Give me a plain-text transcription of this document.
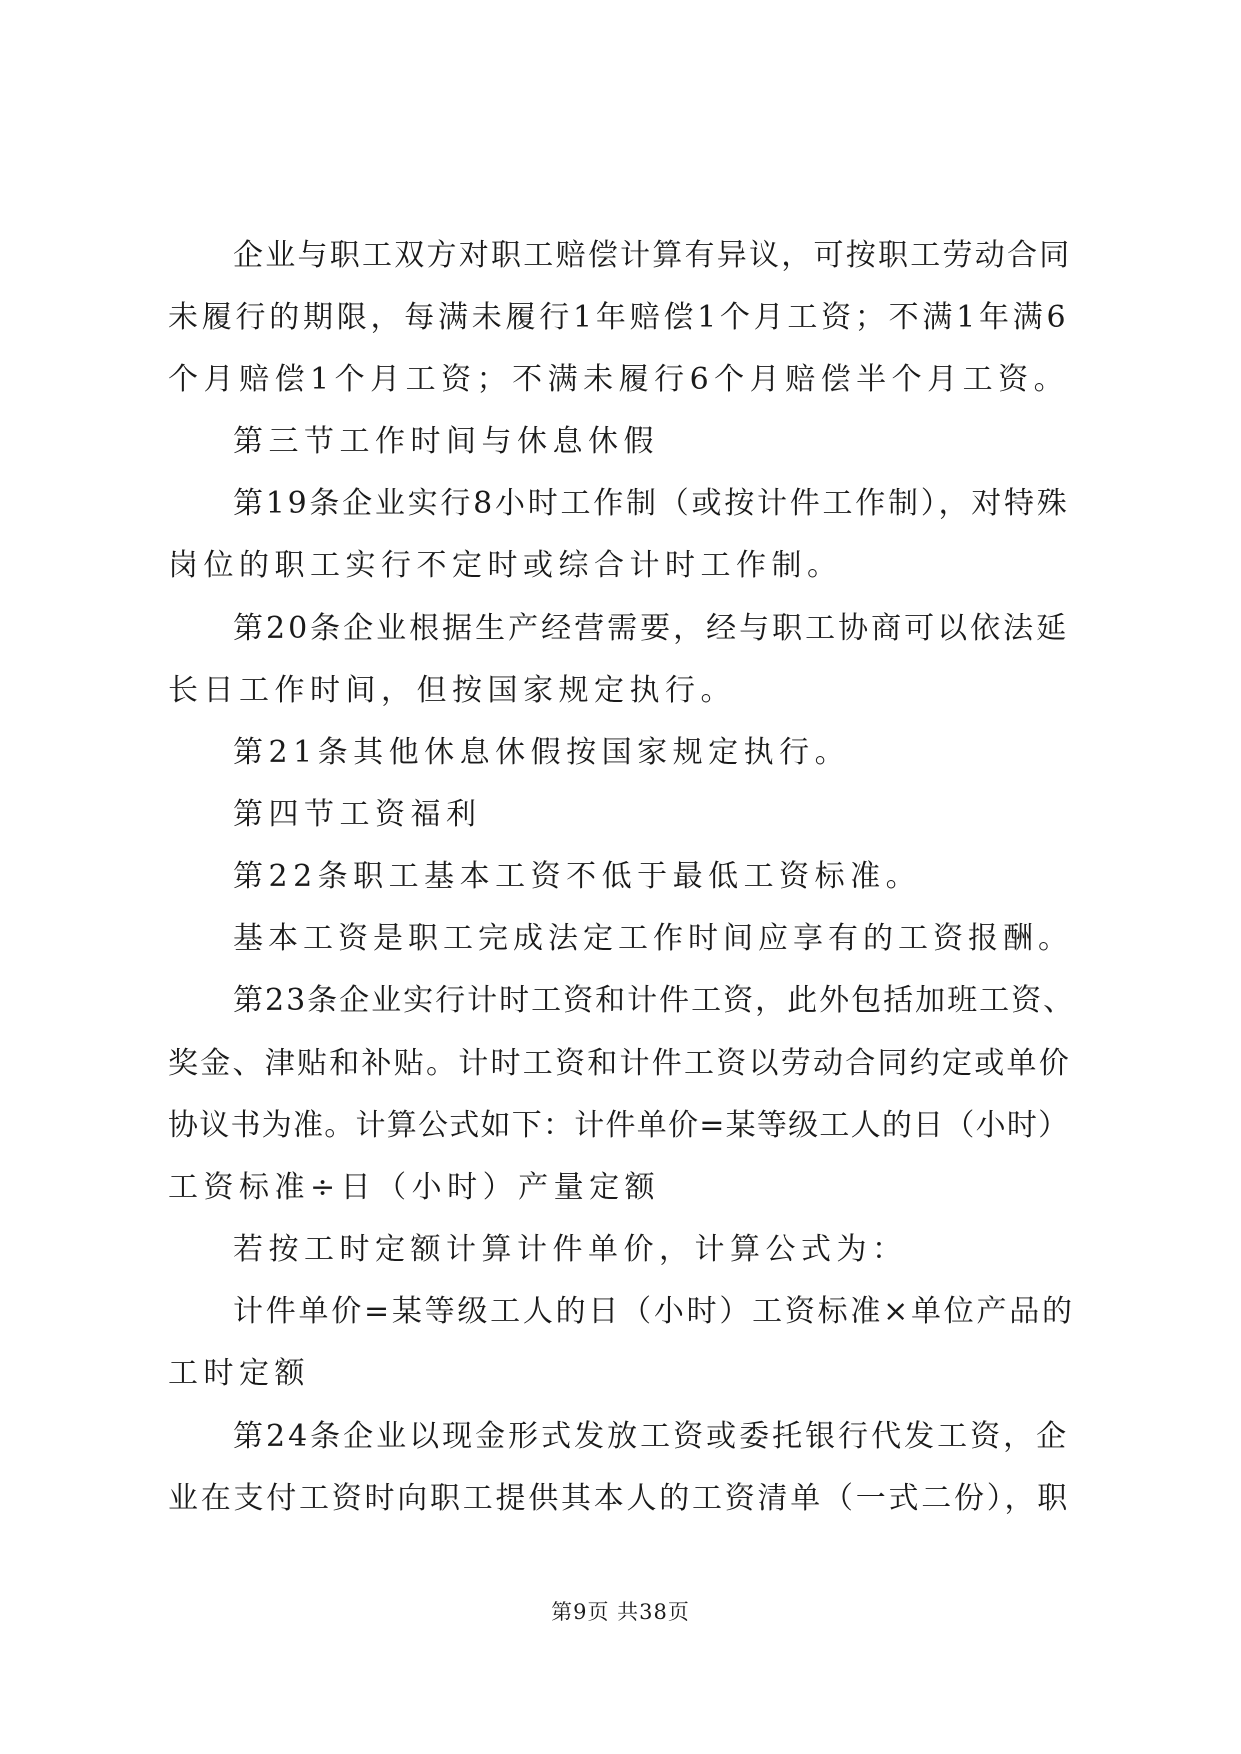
企业与职工双方对职工赔偿计算有异议，可按职工劳动合同
未履行的期限，每满未履行1年赔偿1个月工资；不满1年满6
个月赔偿1个月工资；不满未履行6个月赔偿半个月工资。
第三节工作时间与休息休假
第19条企业实行8小时工作制（或按计件工作制），对特殊
岗位的职工实行不定时或综合计时工作制。
第20条企业根据生产经营需要，经与职工协商可以依法延
长日工作时间，但按国家规定执行。
第21条其他休息休假按国家规定执行。
第四节工资福利
第22条职工基本工资不低于最低工资标准。
基本工资是职工完成法定工作时间应享有的工资报酬。
第23条企业实行计时工资和计件工资，此外包括加班工资、
奖金、津贴和补贴。计时工资和计件工资以劳动合同约定或单价
协议书为准。计算公式如下：计件单价=某等级工人的日（小时）
工资标准÷日（小时）产量定额
若按工时定额计算计件单价，计算公式为：
计件单价=某等级工人的日（小时）工资标准×单位产品的
工时定额
第24条企业以现金形式发放工资或委托银行代发工资，企
业在支付工资时向职工提供其本人的工资清单（一式二份），职
第9页 共38页
